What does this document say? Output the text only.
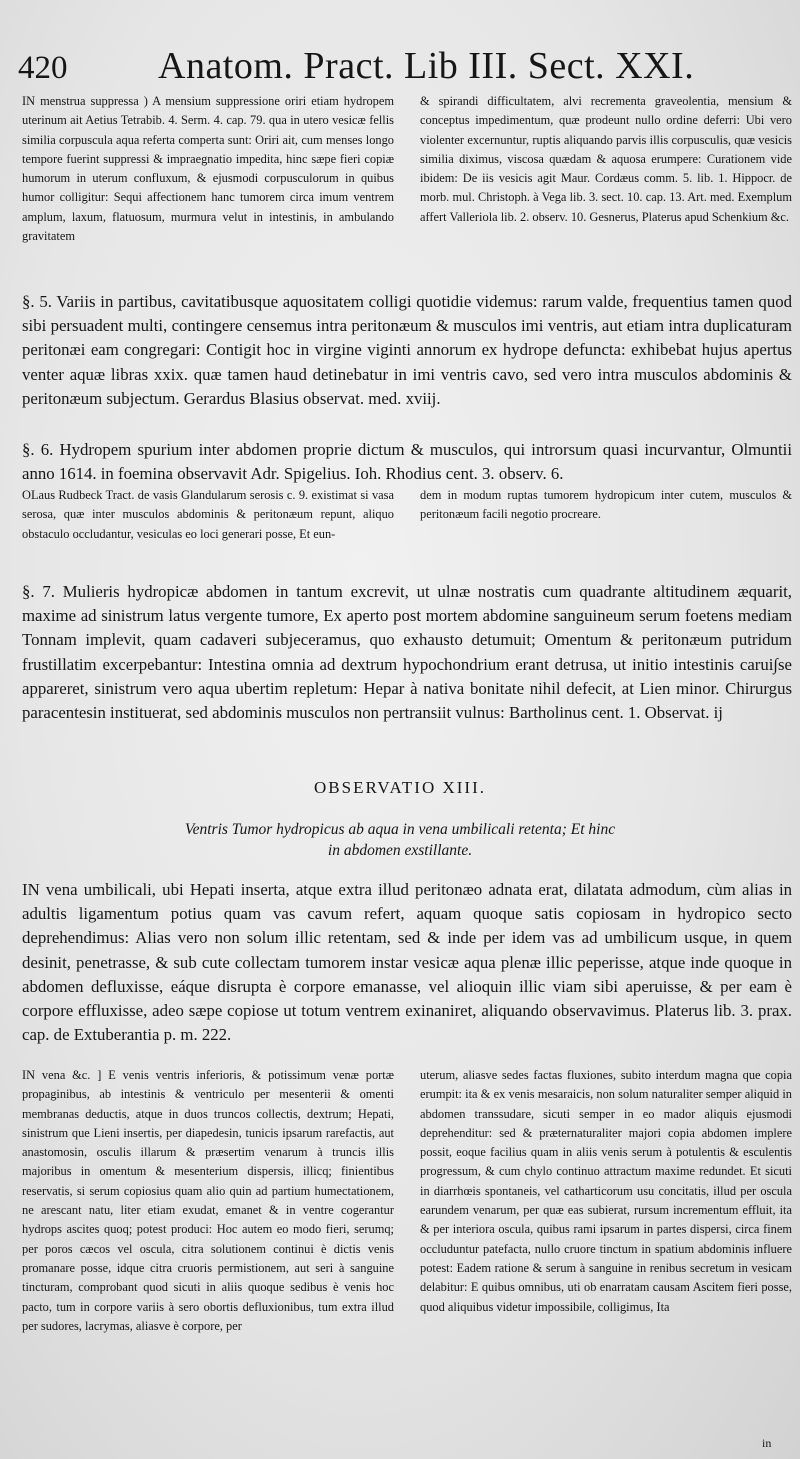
420 Anatom. Pract. Lib III. Sect. XXI.
IN menstrua suppressa ) A mensium suppressione oriri etiam hydropem uterinum ait Aetius Tetrabib. 4. Serm. 4. cap. 79. qua in utero vesicæ fellis similia corpuscula aqua referta comperta sunt: Oriri ait, cum menses longo tempore fuerint suppressi & impraegnatio impedita, hinc sæpe fieri copiæ humorum in uterum confluxum, & ejusmodi corpusculorum in quibus humor colligitur: Sequi affectionem hanc tumorem circa imum ventrem amplum, laxum, flatuosum, murmura velut in intestinis, in ambulando gravitatem
& spirandi difficultatem, alvi recrementa graveolentia, mensium & conceptus impedimentum, quæ prodeunt nullo ordine deferri: Ubi vero violenter excernuntur, ruptis aliquando parvis illis corpusculis, quæ vesicis similia diximus, viscosa quædam & aquosa erumpere: Curationem vide ibidem: De iis vesicis agit Maur. Cordæus comm. 5. lib. 1. Hippocr. de morb. mul. Christoph. à Vega lib. 3. sect. 10. cap. 13. Art. med. Exemplum affert Valleriola lib. 2. observ. 10. Gesnerus, Platerus apud Schenkium &c.
§. 5. Variis in partibus, cavitatibusque aquositatem colligi quotidie videmus: rarum valde, frequentius tamen quod sibi persuadent multi, contingere censemus intra peritonæum & musculos imi ventris, aut etiam intra duplicaturam peritonæi eam congregari: Contigit hoc in virgine viginti annorum ex hydrope defuncta: exhibebat hujus apertus venter aquæ libras xxix. quæ tamen haud detinebatur in imi ventris cavo, sed vero intra musculos abdominis & peritonæum subjectum. Gerardus Blasius observat. med. xviij.
§. 6. Hydropem spurium inter abdomen proprie dictum & musculos, qui introrsum quasi incurvantur, Olmuntii anno 1614. in foemina observavit Adr. Spigelius. Ioh. Rhodius cent. 3. observ. 6.
OLaus Rudbeck Tract. de vasis Glandularum serosis c. 9. existimat si vasa serosa, quæ inter musculos abdominis & peritonæum repunt, aliquo obstaculo occludantur, vesiculas eo loci generari posse, Et eun-
dem in modum ruptas tumorem hydropicum inter cutem, musculos & peritonæum facili negotio procreare.
§. 7. Mulieris hydropicæ abdomen in tantum excrevit, ut ulnæ nostratis cum quadrante altitudinem æquarit, maxime ad sinistrum latus vergente tumore, Ex aperto post mortem abdomine sanguineum serum foetens mediam Tonnam implevit, quam cadaveri subjeceramus, quo exhausto detumuit; Omentum & peritonæum putridum frustillatim excerpebantur: Intestina omnia ad dextrum hypochondrium erant detrusa, ut initio intestinis carui∫se appareret, sinistrum vero aqua ubertim repletum: Hepar à nativa bonitate nihil defecit, at Lien minor. Chirurgus paracentesin instituerat, sed abdominis musculos non pertransiit vulnus: Bartholinus cent. 1. Observat. ij
OBSERVATIO XIII.
Ventris Tumor hydropicus ab aqua in vena umbilicali retenta; Et hinc
in abdomen exstillante.
IN vena umbilicali, ubi Hepati inserta, atque extra illud peritonæo adnata erat, dilatata admodum, cùm alias in adultis ligamentum potius quam vas cavum refert, aquam quoque satis copiosam in hydropico secto deprehendimus: Alias vero non solum illic retentam, sed & inde per idem vas ad umbilicum usque, in quem desinit, penetrasse, & sub cute collectam tumorem instar vesicæ aqua plenæ illic peperisse, atque inde quoque in abdomen defluxisse, eáque disrupta è corpore emanasse, vel alioquin illic viam sibi aperuisse, & per eam è corpore effluxisse, adeo sæpe copiose ut totum ventrem exinaniret, aliquando observavimus. Platerus lib. 3. prax. cap. de Extuberantia p. m. 222.
IN vena &c. ] E venis ventris inferioris, & potissimum venæ portæ propaginibus, ab intestinis & ventriculo per mesenterii & omenti membranas deductis, atque in duos truncos collectis, dextrum; Hepati, sinistrum que Lieni insertis, per diapedesin, tunicis ipsarum rarefactis, aut anastomosin, osculis illarum & præsertim venarum à truncis illis majoribus in omentum & mesenterium dispersis, illicq; finientibus reservatis, si serum copiosius quam alio quin ad partium humectationem, ne arescant natu, liter etiam exudat, emanet & in ventre cogerantur hydrops ascites quoq; potest produci: Hoc autem eo modo fieri, serumq; per poros cæcos vel oscula, citra solutionem continui è dictis venis promanare posse, idque citra cruoris permistionem, aut seri à sanguine tincturam, comprobant quod sicuti in aliis quoque sedibus è venis hoc pacto, tum in corpore variis à sero obortis defluxionibus, tum extra illud per sudores, lacrymas, aliasve è corpore, per
uterum, aliasve sedes factas fluxiones, subito interdum magna que copia erumpit: ita & ex venis mesaraicis, non solum naturaliter semper aliquid in abdomen transsudare, sicuti semper in eo mador aliquis ejusmodi deprehenditur: sed & præternaturaliter majori copia abdomen implere possit, eoque facilius quam in aliis venis serum à potulentis & esculentis progressum, & cum chylo continuo attractum maxime redundet. Et sicuti in diarrhœis spontaneis, vel catharticorum usu concitatis, illud per oscula earundem venarum, per quæ eas subierat, rursum incrementum effluit, ita & per interiora oscula, quibus rami ipsarum in partes dispersi, circa finem occluduntur patefacta, nullo cruore tinctum in spatium abdominis influere potest: Eadem ratione & serum à sanguine in renibus secretum in vesicam delabitur: E quibus omnibus, uti ob enarratam causam Ascitem fieri posse, quod aliquibus videtur impossibile, colligimus, Ita
in
